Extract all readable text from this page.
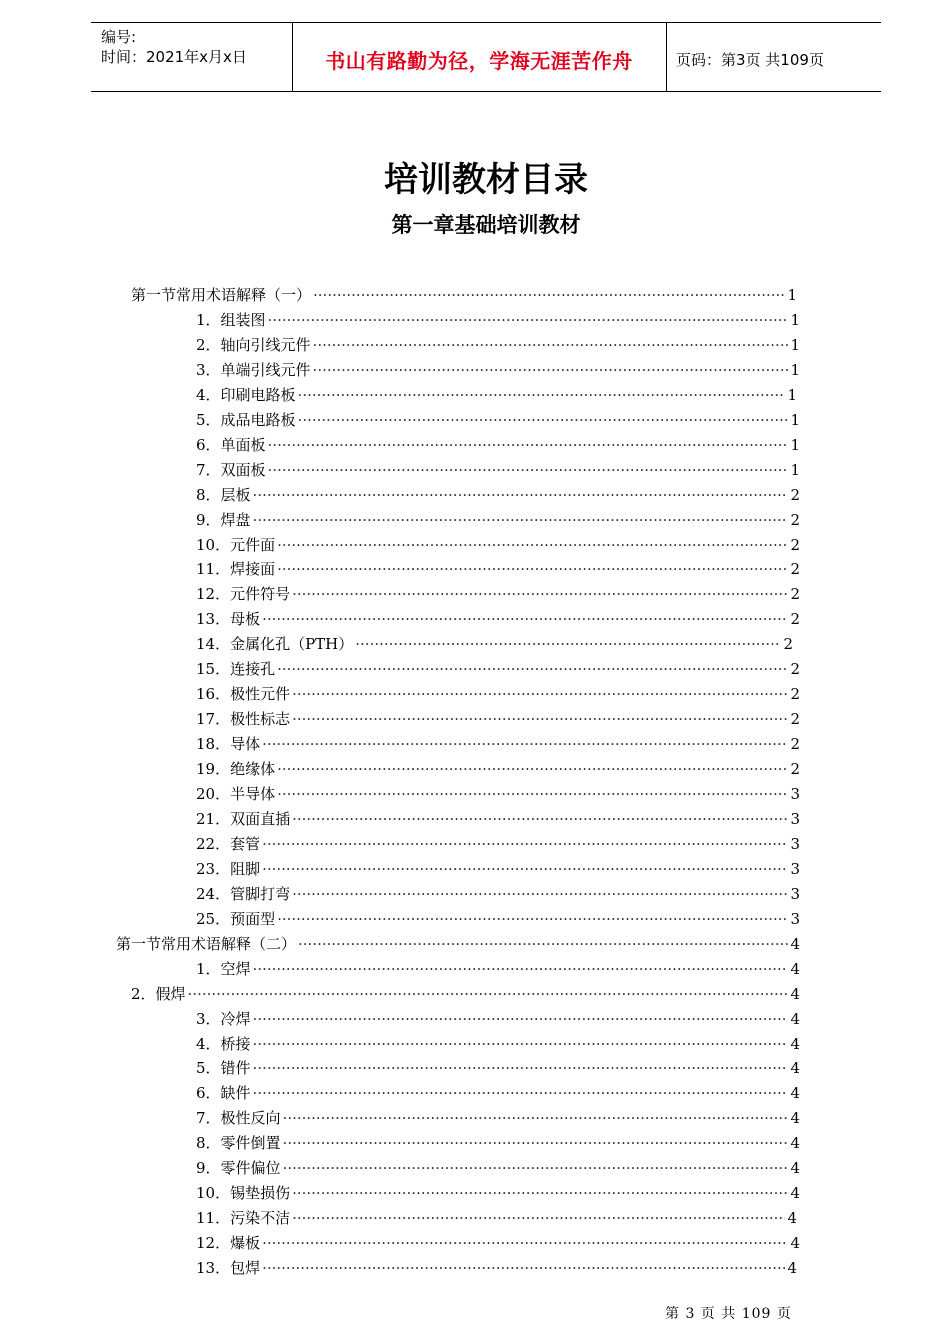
编号:
时间：2021年x月x日	书山有路勤为径，学海无涯苦作舟	页码：第3页 共109页
培训教材目录
第一章基础培训教材
第一节常用术语解释（一） ·····	1
1．组装图 ·····	1
2．轴向引线元件 ·····	1
3．单端引线元件 ·····	1
4．印刷电路板 ·····	1
5．成品电路板 ·····	1
6．单面板 ·····	1
7．双面板 ·····	1
8．层板 ·····	2
9．焊盘 ·····	2
10．元件面 ·····	2
11．焊接面 ·····	2
12．元件符号 ·····	2
13．母板 ·····	2
14．金属化孔（PTH） ·····	2
15．连接孔 ·····	2
16．极性元件 ·····	2
17．极性标志 ·····	2
18．导体 ·····	2
19．绝缘体 ·····	2
20．半导体 ·····	3
21．双面直插 ·····	3
22．套管 ·····	3
23．阻脚 ·····	3
24．管脚打弯 ·····	3
25．预面型 ·····	3
第一节常用术语解释（二） ·····	4
1．空焊 ·····	4
2．假焊 ·····	4
3．冷焊 ·····	4
4．桥接 ·····	4
5．错件 ·····	4
6．缺件 ·····	4
7．极性反向 ·····	4
8．零件倒置 ·····	4
9．零件偏位 ·····	4
10．锡垫损伤 ·····	4
11．污染不洁 ·····	4
12．爆板 ·····	4
13．包焊 ·····	4
第 3 页 共 109 页
